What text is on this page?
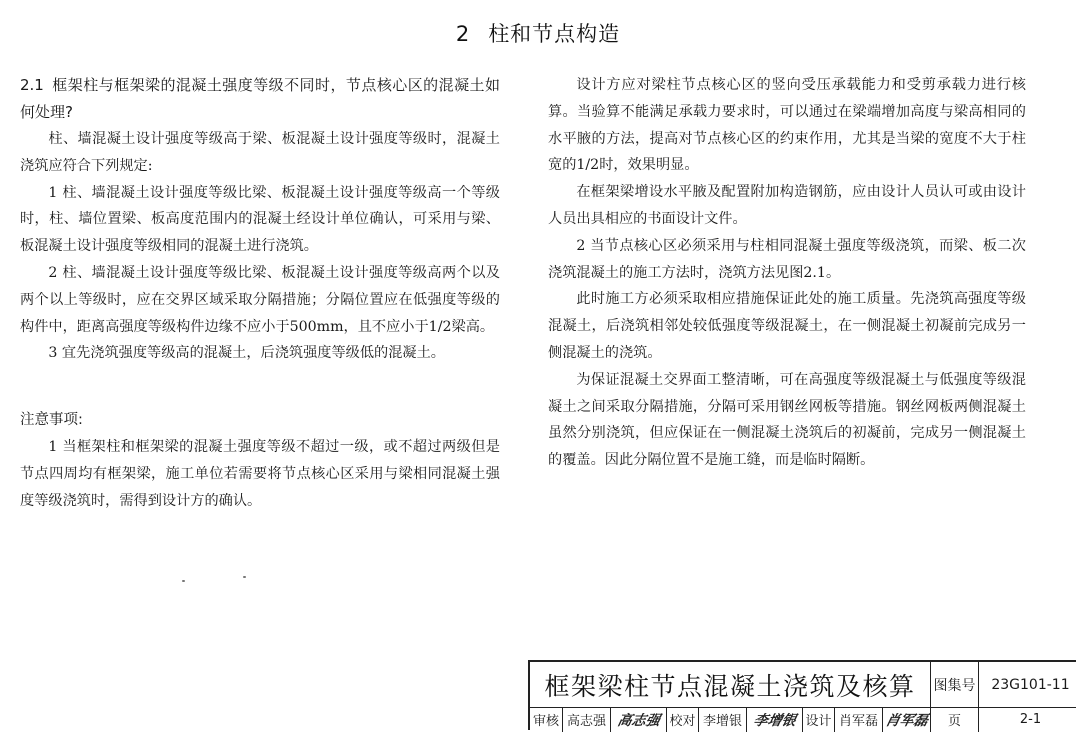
2 柱和节点构造

2.1 框架柱与框架梁的混凝土强度等级不同时，节点核心区的混凝土如何处理?

柱、墙混凝土设计强度等级高于梁、板混凝土设计强度等级时，混凝土浇筑应符合下列规定:

1 柱、墙混凝土设计强度等级比梁、板混凝土设计强度等级高一个等级时，柱、墙位置梁、板高度范围内的混凝土经设计单位确认，可采用与梁、板混凝土设计强度等级相同的混凝土进行浇筑。

2 柱、墙混凝土设计强度等级比梁、板混凝土设计强度等级高两个以及两个以上等级时，应在交界区域采取分隔措施；分隔位置应在低强度等级的构件中，距离高强度等级构件边缘不应小于500mm，且不应小于1/2梁高。

3 宜先浇筑强度等级高的混凝土，后浇筑强度等级低的混凝土。

注意事项:

1 当框架柱和框架梁的混凝土强度等级不超过一级，或不超过两级但是节点四周均有框架梁，施工单位若需要将节点核心区采用与梁相同混凝土强度等级浇筑时，需得到设计方的确认。

设计方应对梁柱节点核心区的竖向受压承载能力和受剪承载力进行核算。当验算不能满足承载力要求时，可以通过在梁端增加高度与梁高相同的水平腋的方法，提高对节点核心区的约束作用，尤其是当梁的宽度不大于柱宽的1/2时，效果明显。

在框架梁增设水平腋及配置附加构造钢筋，应由设计人员认可或由设计人员出具相应的书面设计文件。

2 当节点核心区必须采用与柱相同混凝土强度等级浇筑，而梁、板二次浇筑混凝土的施工方法时，浇筑方法见图2.1。

此时施工方必须采取相应措施保证此处的施工质量。先浇筑高强度等级混凝土，后浇筑相邻处较低强度等级混凝土，在一侧混凝土初凝前完成另一侧混凝土的浇筑。

为保证混凝土交界面工整清晰，可在高强度等级混凝土与低强度等级混凝土之间采取分隔措施，分隔可采用钢丝网板等措施。钢丝网板两侧混凝土虽然分别浇筑，但应保证在一侧混凝土浇筑后的初凝前，完成另一侧混凝土的覆盖。因此分隔位置不是施工缝，而是临时隔断。

框架梁柱节点混凝土浇筑及核算	图集号	23G101-11
审核 高志强 高志强 校对 李增银 李增银 设计 肖军磊 肖军磊	页	2-1
